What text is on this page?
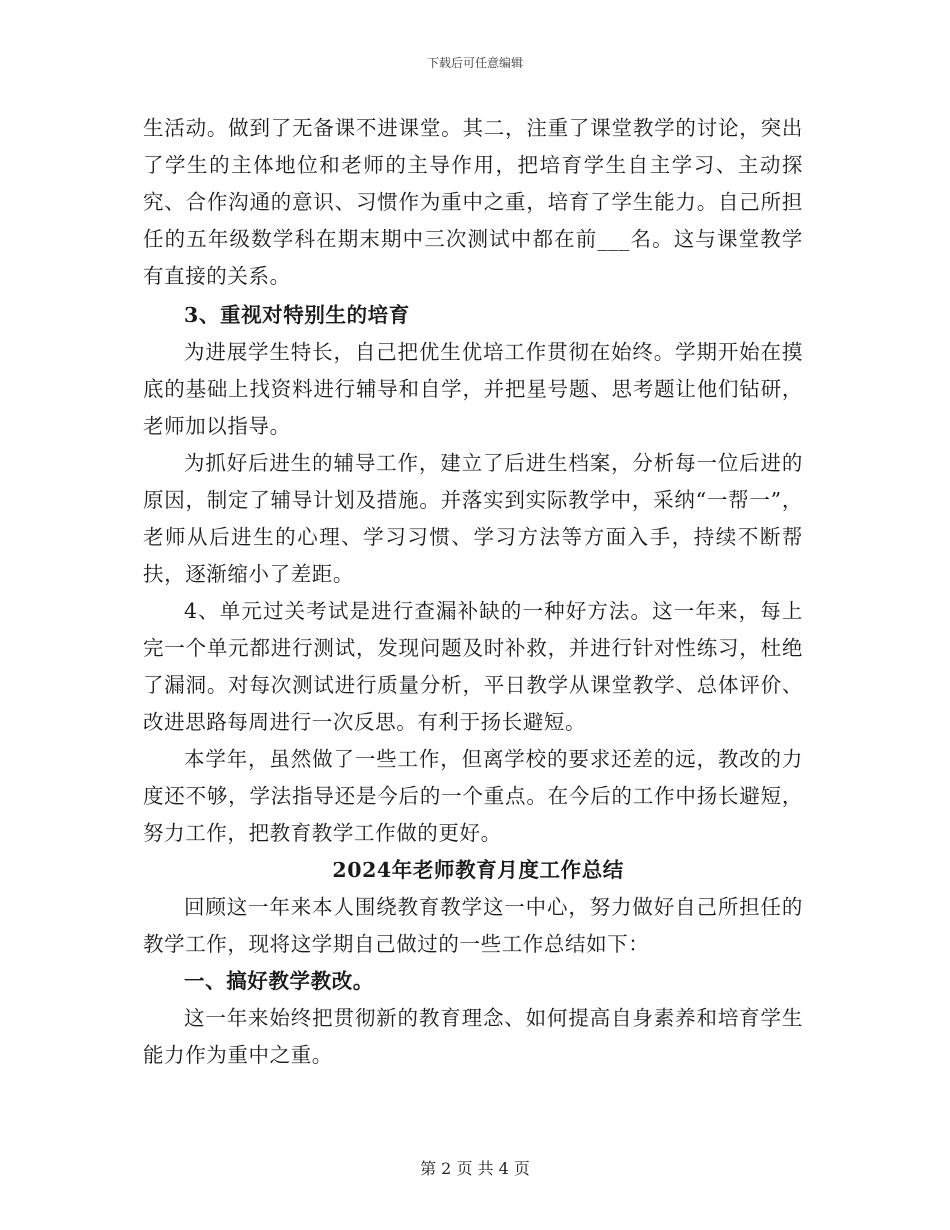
下载后可任意编辑

生活动。做到了无备课不进课堂。其二，注重了课堂教学的讨论，突出了学生的主体地位和老师的主导作用，把培育学生自主学习、主动探究、合作沟通的意识、习惯作为重中之重，培育了学生能力。自己所担任的五年级数学科在期末期中三次测试中都在前___名。这与课堂教学有直接的关系。

3、重视对特别生的培育

为进展学生特长，自己把优生优培工作贯彻在始终。学期开始在摸底的基础上找资料进行辅导和自学，并把星号题、思考题让他们钻研，老师加以指导。

为抓好后进生的辅导工作，建立了后进生档案，分析每一位后进的原因，制定了辅导计划及措施。并落实到实际教学中，采纳“一帮一”，老师从后进生的心理、学习习惯、学习方法等方面入手，持续不断帮扶，逐渐缩小了差距。

4、单元过关考试是进行查漏补缺的一种好方法。这一年来，每上完一个单元都进行测试，发现问题及时补救，并进行针对性练习，杜绝了漏洞。对每次测试进行质量分析，平日教学从课堂教学、总体评价、改进思路每周进行一次反思。有利于扬长避短。

本学年，虽然做了一些工作，但离学校的要求还差的远，教改的力度还不够，学法指导还是今后的一个重点。在今后的工作中扬长避短，努力工作，把教育教学工作做的更好。

2024年老师教育月度工作总结

回顾这一年来本人围绕教育教学这一中心，努力做好自己所担任的教学工作，现将这学期自己做过的一些工作总结如下：

一、搞好教学教改。

这一年来始终把贯彻新的教育理念、如何提高自身素养和培育学生能力作为重中之重。

第 2 页 共 4 页
